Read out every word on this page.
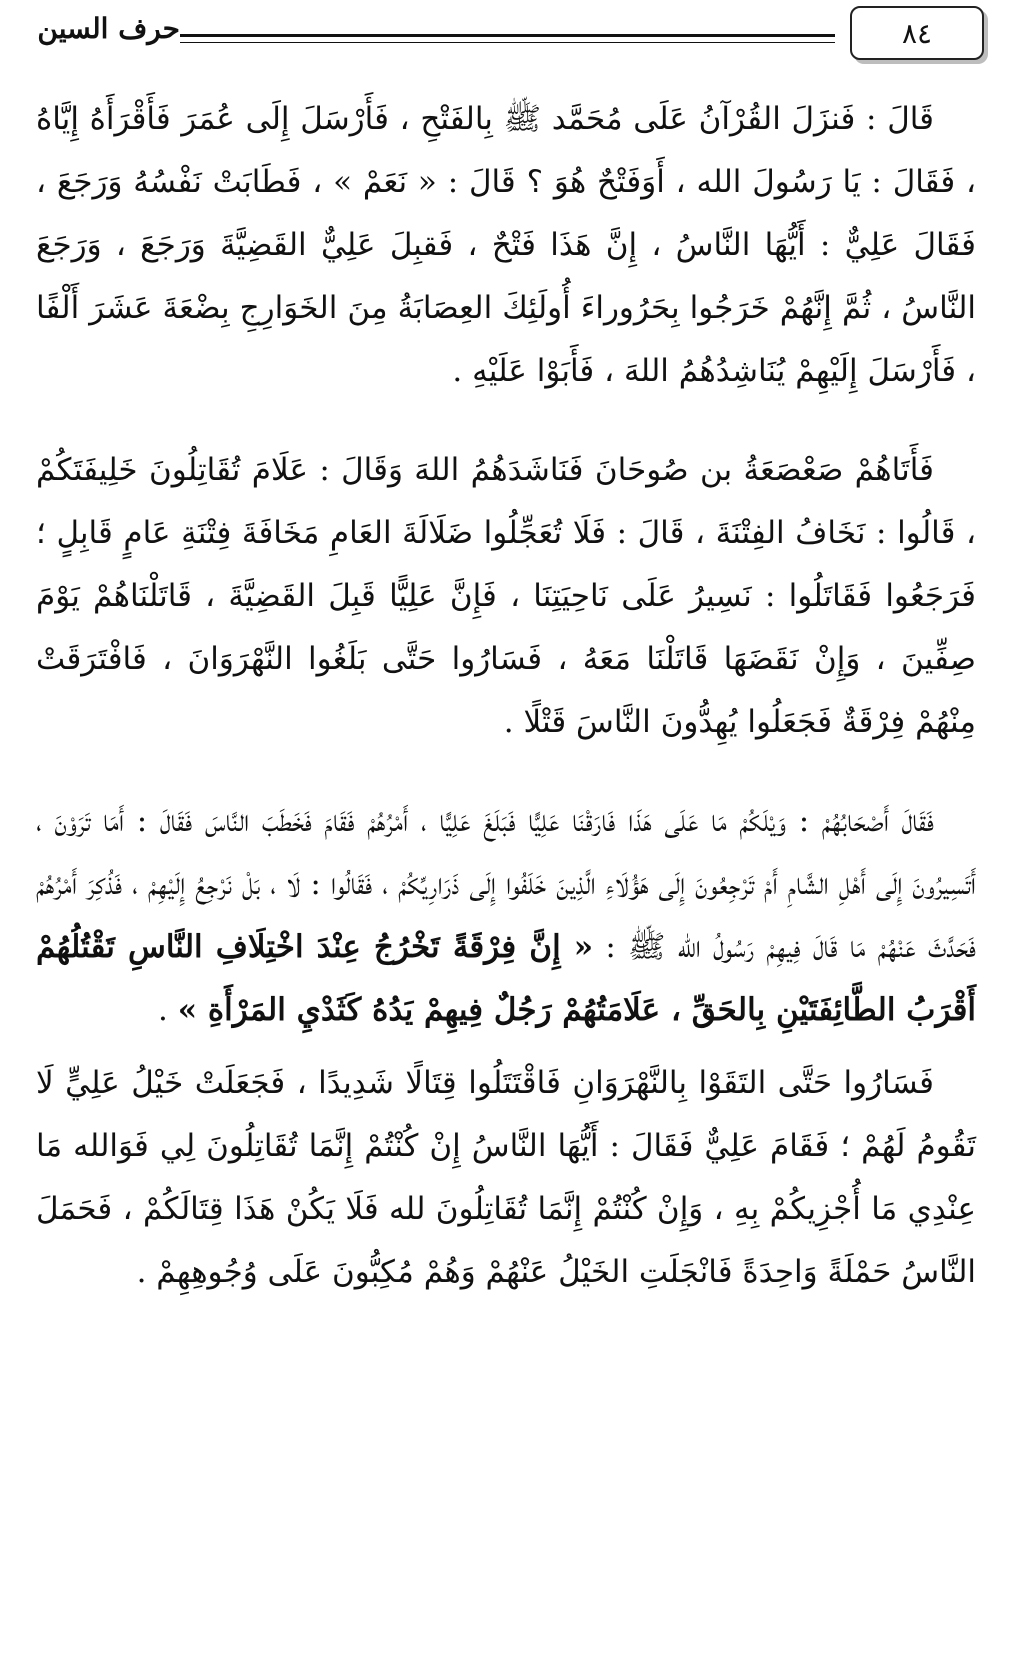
حرف السين	٨٤

قَالَ : فَنزَلَ القُرْآنُ عَلَى مُحَمَّد ﷺ بِالفَتْحِ ، فَأَرْسَلَ إِلَى عُمَرَ فَأَقْرَأَهُ إِيَّاهُ ، فَقَالَ : يَا رَسُولَ الله ، أَوَفَتْحٌ هُوَ ؟ قَالَ : « نَعَمْ » ، فَطَابَتْ نَفْسُهُ وَرَجَعَ ، فَقَالَ عَلِيٌّ : أَيُّهَا النَّاسُ ، إِنَّ هَذَا فَتْحٌ ، فَقبِلَ عَلِيٌّ القَضِيَّةَ وَرَجَعَ ، وَرَجَعَ النَّاسُ ، ثُمَّ إِنَّهُمْ خَرَجُوا بِحَرُوراءَ أُولَئِكَ العِصَابَةُ مِنَ الخَوَارِجِ بِضْعَةَ عَشَرَ أَلْفًا ، فَأَرْسَلَ إِلَيْهِمْ يُنَاشِدُهُمُ اللهَ ، فَأَبَوْا عَلَيْهِ .

فَأَتَاهُمْ صَعْصَعَةُ بن صُوحَانَ فَنَاشَدَهُمُ اللهَ وَقَالَ : عَلَامَ تُقَاتِلُونَ خَلِيفَتَكُمْ ، قَالُوا : نَخَافُ الفِتْنَةَ ، قَالَ : فَلَا تُعَجِّلُوا ضَلَالَةَ العَامِ مَخَافَةَ فِتْنَةِ عَامٍ قَابِلٍ ؛ فَرَجَعُوا فَقَاتَلُوا : نَسِيرُ عَلَى نَاحِيَتِنَا ، فَإِنَّ عَلِيًّا قَبِلَ القَضِيَّةَ ، قَاتَلْنَاهُمْ يَوْمَ صِفِّينَ ، وَإِنْ نَقَضَهَا قَاتَلْنَا مَعَهُ ، فَسَارُوا حَتَّى بَلَغُوا النَّهْرَوَانَ ، فَافْتَرَقَتْ مِنْهُمْ فِرْقَةٌ فَجَعَلُوا يُهِدُّونَ النَّاسَ قَتْلًا .

فَقَالَ أَصْحَابُهُمْ : وَيْلَكُمْ مَا عَلَى هَذَا فَارَقْنَا عَلِيًّا فَبَلَغَ عَلِيًّا ، أَمْرُهُمْ فَقَامَ فَخَطَبَ النَّاسَ فَقَالَ : أَمَا تَرَوْنَ ، أَتَسِيرُونَ إِلَى أَهْلِ الشَّامِ أَمْ تَرْجِعُونَ إِلَى هَؤُلَاءِ الَّذِينَ خَلَفُوا إِلَى ذَرَارِيِّكُمْ ، فَقَالُوا : لَا ، بَلْ نَرْجِعُ إِلَيْهِمْ ، فَذُكِرَ أَمْرُهُمْ فَحَدَّثَ عَنْهُمْ مَا قَالَ فِيهِمْ رَسُولُ الله ﷺ : « إِنَّ فِرْقَةً تَخْرُجُ عِنْدَ اخْتِلَافِ النَّاسِ تَقْتُلُهُمْ أَقْرَبُ الطَّائِفَتَيْنِ بِالحَقِّ ، عَلَامَتُهُمْ رَجُلٌ فِيهِمْ يَدُهُ كَثَدْيِ المَرْأَةِ » .

فَسَارُوا حَتَّى التَقَوْا بِالنَّهْرَوَانِ فَاقْتَتَلُوا قِتَالًا شَدِيدًا ، فَجَعَلَتْ خَيْلُ عَلِيٍّ لَا تَقُومُ لَهُمْ ؛ فَقَامَ عَلِيٌّ فَقَالَ : أَيُّهَا النَّاسُ إِنْ كُنْتُمْ إِنَّمَا تُقَاتِلُونَ لِي فَوَالله مَا عِنْدِي مَا أُجْزِيكُمْ بِهِ ، وَإِنْ كُنْتُمْ إِنَّمَا تُقَاتِلُونَ لله فَلَا يَكُنْ هَذَا قِتَالَكُمْ ، فَحَمَلَ النَّاسُ حَمْلَةً وَاحِدَةً فَانْجَلَتِ الخَيْلُ عَنْهُمْ وَهُمْ مُكِبُّونَ عَلَى وُجُوهِهِمْ .
